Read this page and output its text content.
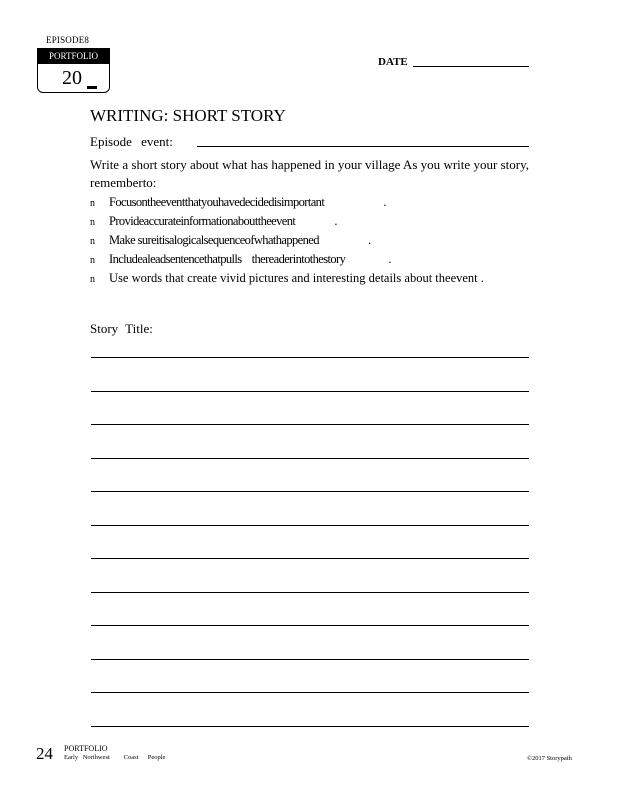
EPISODE8
PORTFOLIO
20
DATE
WRITING: SHORT STORY
Episode event:
Write a short story about what has happened in your village As you write your story, rememberto:
n Focusontheeventthatyouhavedecidedisimportant	.
n Provideaccurateinformationabouttheevent	.
n Make sureitisalogicalsequenceofwhathappened	.
n Includealeadsentencethatpulls    thereaderintothestory	.
n Use words that create vivid pictures and interesting details about theevent .
Story Title:
24 PORTFOLIO
Early Northwest   Coast  People	©2017 Storypath
